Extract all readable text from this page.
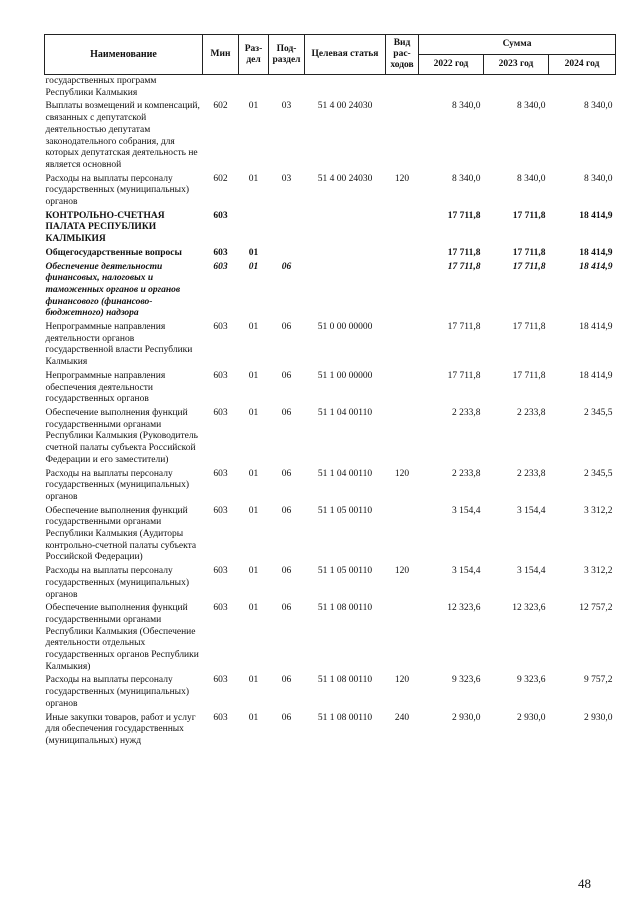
Наименование	Мин	Раз-дел	Под-раздел	Целевая статья	Вид рас-ходов	Сумма		
						2022 год	2023 год	2024 год
государственных программ Республики Калмыкия								
Выплаты возмещений и компенсаций, связанных с депутатской деятельностью депутатам законодательного собрания, для которых депутатская деятельность не является основной	602	01	03	51 4 00 24030		8 340,0	8 340,0	8 340,0
Расходы на выплаты персоналу государственных (муниципальных) органов	602	01	03	51 4 00 24030	120	8 340,0	8 340,0	8 340,0
КОНТРОЛЬНО-СЧЕТНАЯ ПАЛАТА РЕСПУБЛИКИ КАЛМЫКИЯ	603					17 711,8	17 711,8	18 414,9
Общегосударственные вопросы	603	01				17 711,8	17 711,8	18 414,9
Обеспечение деятельности финансовых, налоговых и таможенных органов и органов финансового (финансово-бюджетного) надзора	603	01	06			17 711,8	17 711,8	18 414,9
Непрограммные направления деятельности органов государственной власти Республики Калмыкия	603	01	06	51 0 00 00000		17 711,8	17 711,8	18 414,9
Непрограммные направления обеспечения деятельности государственных органов	603	01	06	51 1 00 00000		17 711,8	17 711,8	18 414,9
Обеспечение выполнения функций государственными органами Республики Калмыкия (Руководитель счетной палаты субъекта Российской Федерации и его заместители)	603	01	06	51 1 04 00110		2 233,8	2 233,8	2 345,5
Расходы на выплаты персоналу государственных (муниципальных) органов	603	01	06	51 1 04 00110	120	2 233,8	2 233,8	2 345,5
Обеспечение выполнения функций государственными органами Республики Калмыкия (Аудиторы контрольно-счетной палаты субъекта Российской Федерации)	603	01	06	51 1 05 00110		3 154,4	3 154,4	3 312,2
Расходы на выплаты персоналу государственных (муниципальных) органов	603	01	06	51 1 05 00110	120	3 154,4	3 154,4	3 312,2
Обеспечение выполнения функций государственными органами Республики Калмыкия (Обеспечение деятельности отдельных государственных органов Республики Калмыкия)	603	01	06	51 1 08 00110		12 323,6	12 323,6	12 757,2
Расходы на выплаты персоналу государственных (муниципальных) органов	603	01	06	51 1 08 00110	120	9 323,6	9 323,6	9 757,2
Иные закупки товаров, работ и услуг для обеспечения государственных (муниципальных) нужд	603	01	06	51 1 08 00110	240	2 930,0	2 930,0	2 930,0
48
